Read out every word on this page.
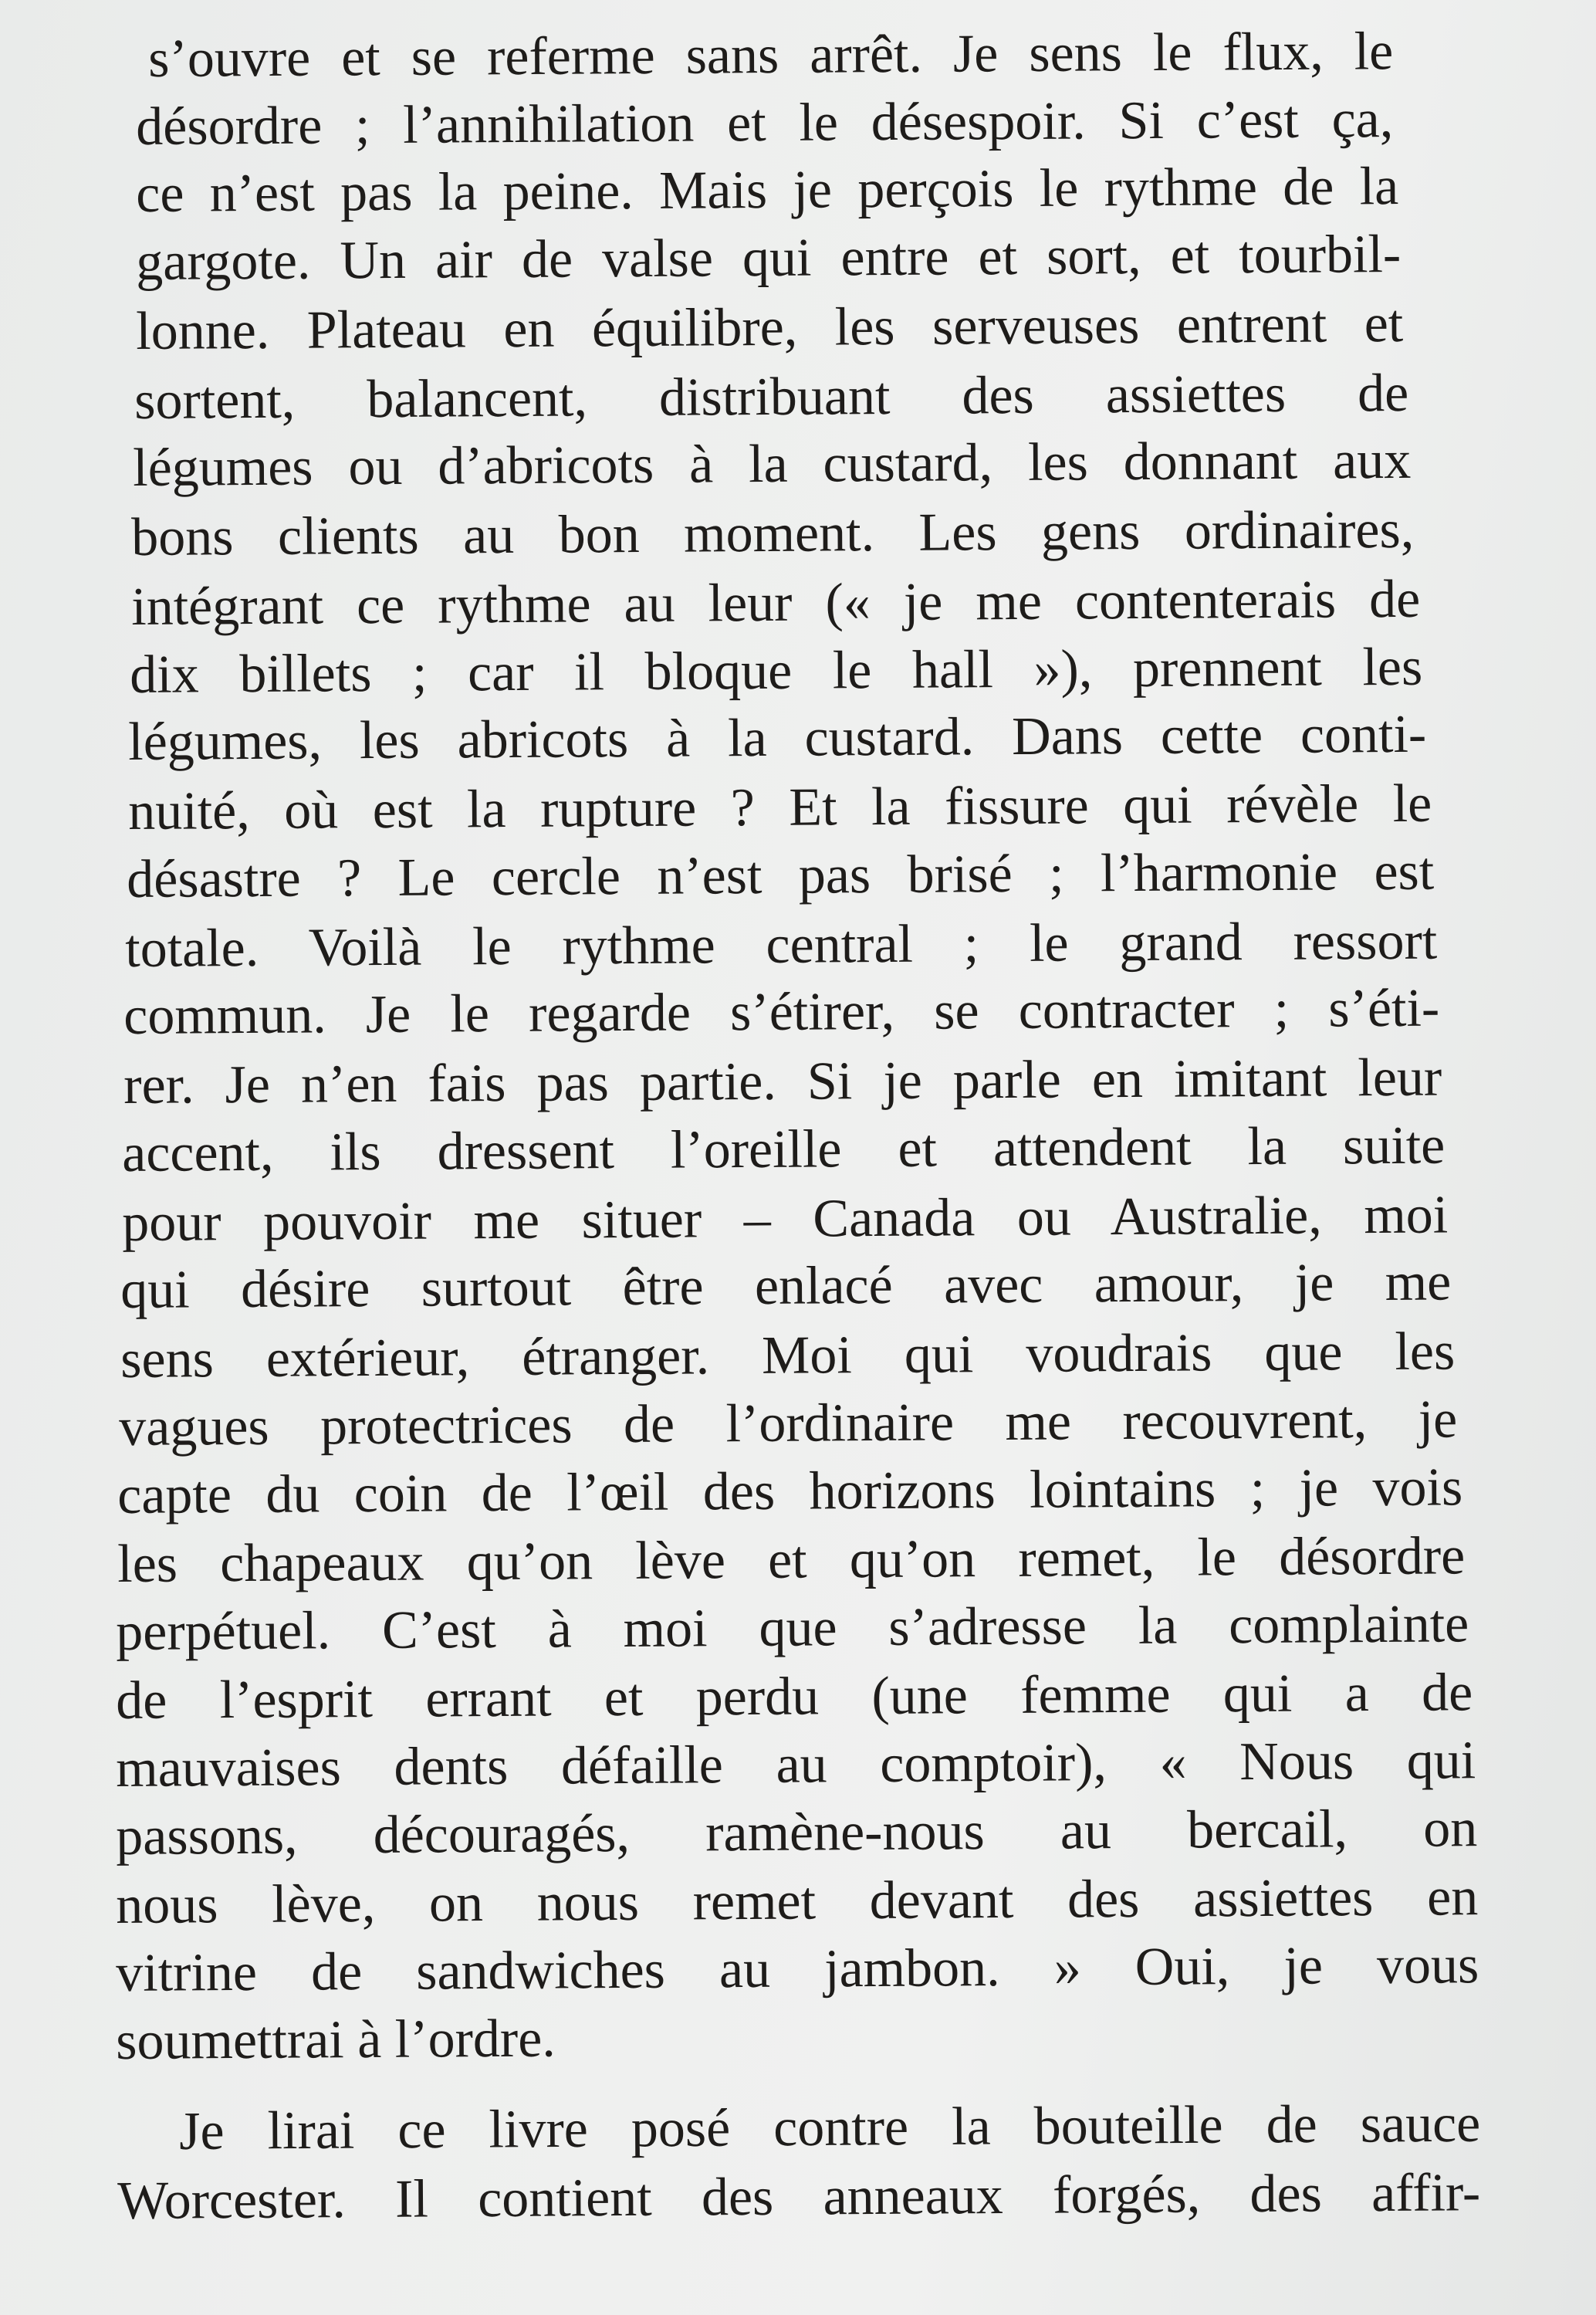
s’ouvre et se referme sans arrêt. Je sens le flux, le

désordre ; l’annihilation et le désespoir. Si c’est ça,

ce n’est pas la peine. Mais je perçois le rythme de la

gargote. Un air de valse qui entre et sort, et tourbil-

lonne. Plateau en équilibre, les serveuses entrent et

sortent, balancent, distribuant des assiettes de

légumes ou d’abricots à la custard, les donnant aux

bons clients au bon moment. Les gens ordinaires,

intégrant ce rythme au leur (« je me contenterais de

dix billets ; car il bloque le hall »), prennent les

légumes, les abricots à la custard. Dans cette conti-

nuité, où est la rupture ? Et la fissure qui révèle le

désastre ? Le cercle n’est pas brisé ; l’harmonie est

totale. Voilà le rythme central ; le grand ressort

commun. Je le regarde s’étirer, se contracter ; s’éti-

rer. Je n’en fais pas partie. Si je parle en imitant leur

accent, ils dressent l’oreille et attendent la suite

pour pouvoir me situer – Canada ou Australie, moi

qui désire surtout être enlacé avec amour, je me

sens extérieur, étranger. Moi qui voudrais que les

vagues protectrices de l’ordinaire me recouvrent, je

capte du coin de l’œil des horizons lointains ; je vois

les chapeaux qu’on lève et qu’on remet, le désordre

perpétuel. C’est à moi que s’adresse la complainte

de l’esprit errant et perdu (une femme qui a de

mauvaises dents défaille au comptoir), « Nous qui

passons, découragés, ramène-nous au bercail, on

nous lève, on nous remet devant des assiettes en

vitrine de sandwiches au jambon. » Oui, je vous

soumettrai à l’ordre.

Je lirai ce livre posé contre la bouteille de sauce

Worcester. Il contient des anneaux forgés, des affir-
